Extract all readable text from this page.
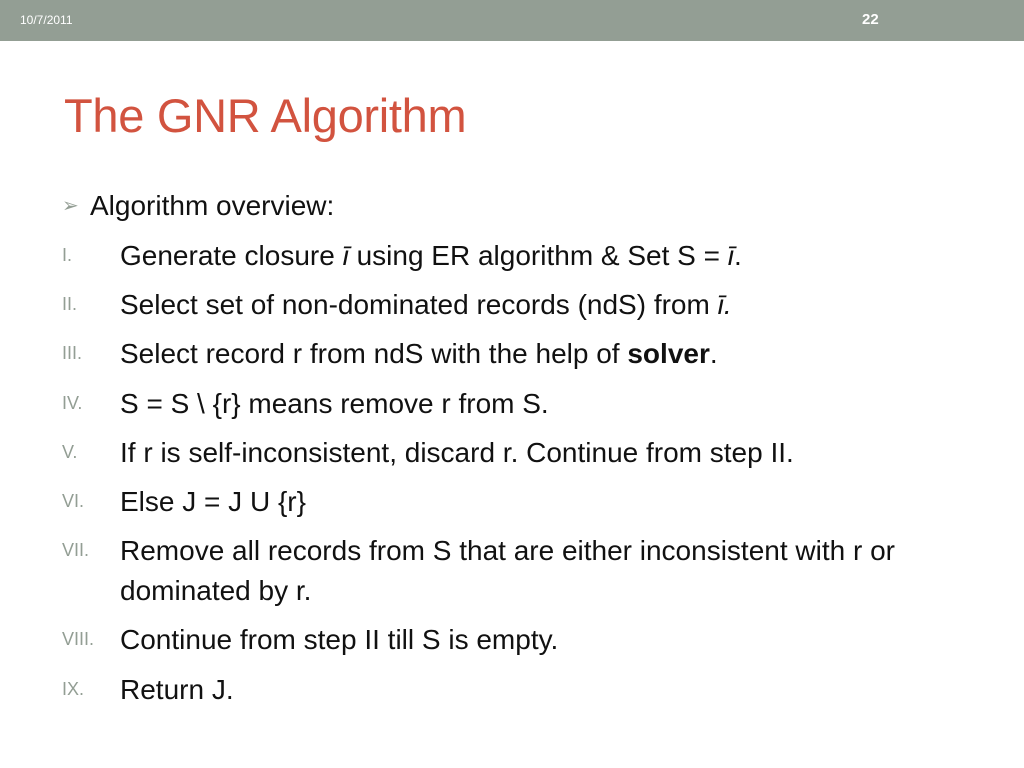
10/7/2011	22
The GNR Algorithm
➢ Algorithm overview:
I. Generate closure ī using ER algorithm & Set S = ī.
II. Select set of non-dominated records (ndS) from ī.
III. Select record r from ndS with the help of solver.
IV. S = S \ {r} means remove r from S.
V. If r is self-inconsistent, discard r. Continue from step II.
VI. Else J = J U {r}
VII. Remove all records from S that are either inconsistent with r or dominated by r.
VIII. Continue from step II till S is empty.
IX. Return J.
